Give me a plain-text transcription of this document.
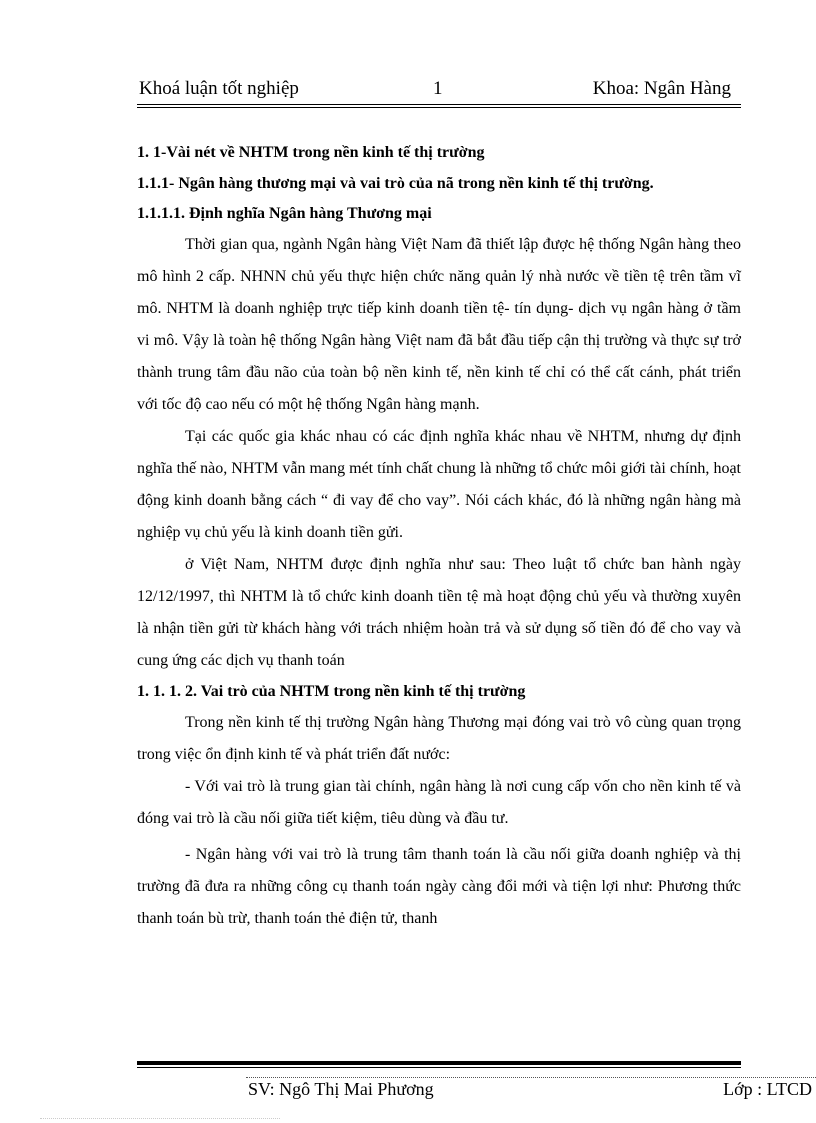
Khoá luận tốt nghiệp	1	Khoa: Ngân Hàng

1. 1-Vài nét về NHTM trong nền kinh tế thị trường

1.1.1- Ngân hàng thương mại và vai trò của nã trong nền kinh tế thị trường.

1.1.1.1. Định nghĩa Ngân hàng Thương mại

Thời gian qua, ngành Ngân hàng Việt Nam đã thiết lập được hệ thống Ngân hàng theo mô hình 2 cấp. NHNN chủ yếu thực hiện chức năng quản lý nhà nước về tiền tệ trên tầm vĩ mô. NHTM là doanh nghiệp trực tiếp kinh doanh tiền tệ- tín dụng- dịch vụ ngân hàng ở tầm vi mô. Vậy là toàn hệ thống Ngân hàng Việt nam đã bắt đầu tiếp cận thị trường và thực sự trở thành trung tâm đầu não của toàn bộ nền kinh tế, nền kinh tế chỉ có thể cất cánh, phát triển với tốc độ cao nếu có một hệ thống Ngân hàng mạnh.

Tại các quốc gia khác nhau có các định nghĩa khác nhau về NHTM, nhưng dự định nghĩa thế nào, NHTM vẫn mang mét tính chất chung là những tổ chức môi giới tài chính, hoạt động kinh doanh bằng cách “ đi vay để cho vay”. Nói cách khác, đó là những ngân hàng mà nghiệp vụ chủ yếu là kinh doanh tiền gửi.

ở Việt Nam, NHTM được định nghĩa như sau: Theo luật tổ chức ban hành ngày 12/12/1997, thì NHTM là tổ chức kinh doanh tiền tệ mà hoạt động chủ yếu và thường xuyên là nhận tiền gửi từ khách hàng với trách nhiệm hoàn trả và sử dụng số tiền đó để cho vay và cung ứng các dịch vụ thanh toán

1. 1. 1. 2. Vai trò của NHTM trong nền kinh tế thị trường

Trong nền kinh tế thị trường Ngân hàng Thương mại đóng vai trò vô cùng quan trọng trong việc ổn định kinh tế và phát triển đất nước:

- Với vai trò là trung gian tài chính, ngân hàng là nơi cung cấp vốn cho nền kinh tế và đóng vai trò là cầu nối giữa tiết kiệm, tiêu dùng và đầu tư.

- Ngân hàng với vai trò là trung tâm thanh toán là cầu nối giữa doanh nghiệp và thị trường đã đưa ra những công cụ thanh toán ngày càng đổi mới và tiện lợi như: Phương thức thanh toán bù trừ, thanh toán thẻ điện tử, thanh

SV: Ngô Thị Mai Phương	Lớp : LTCD
